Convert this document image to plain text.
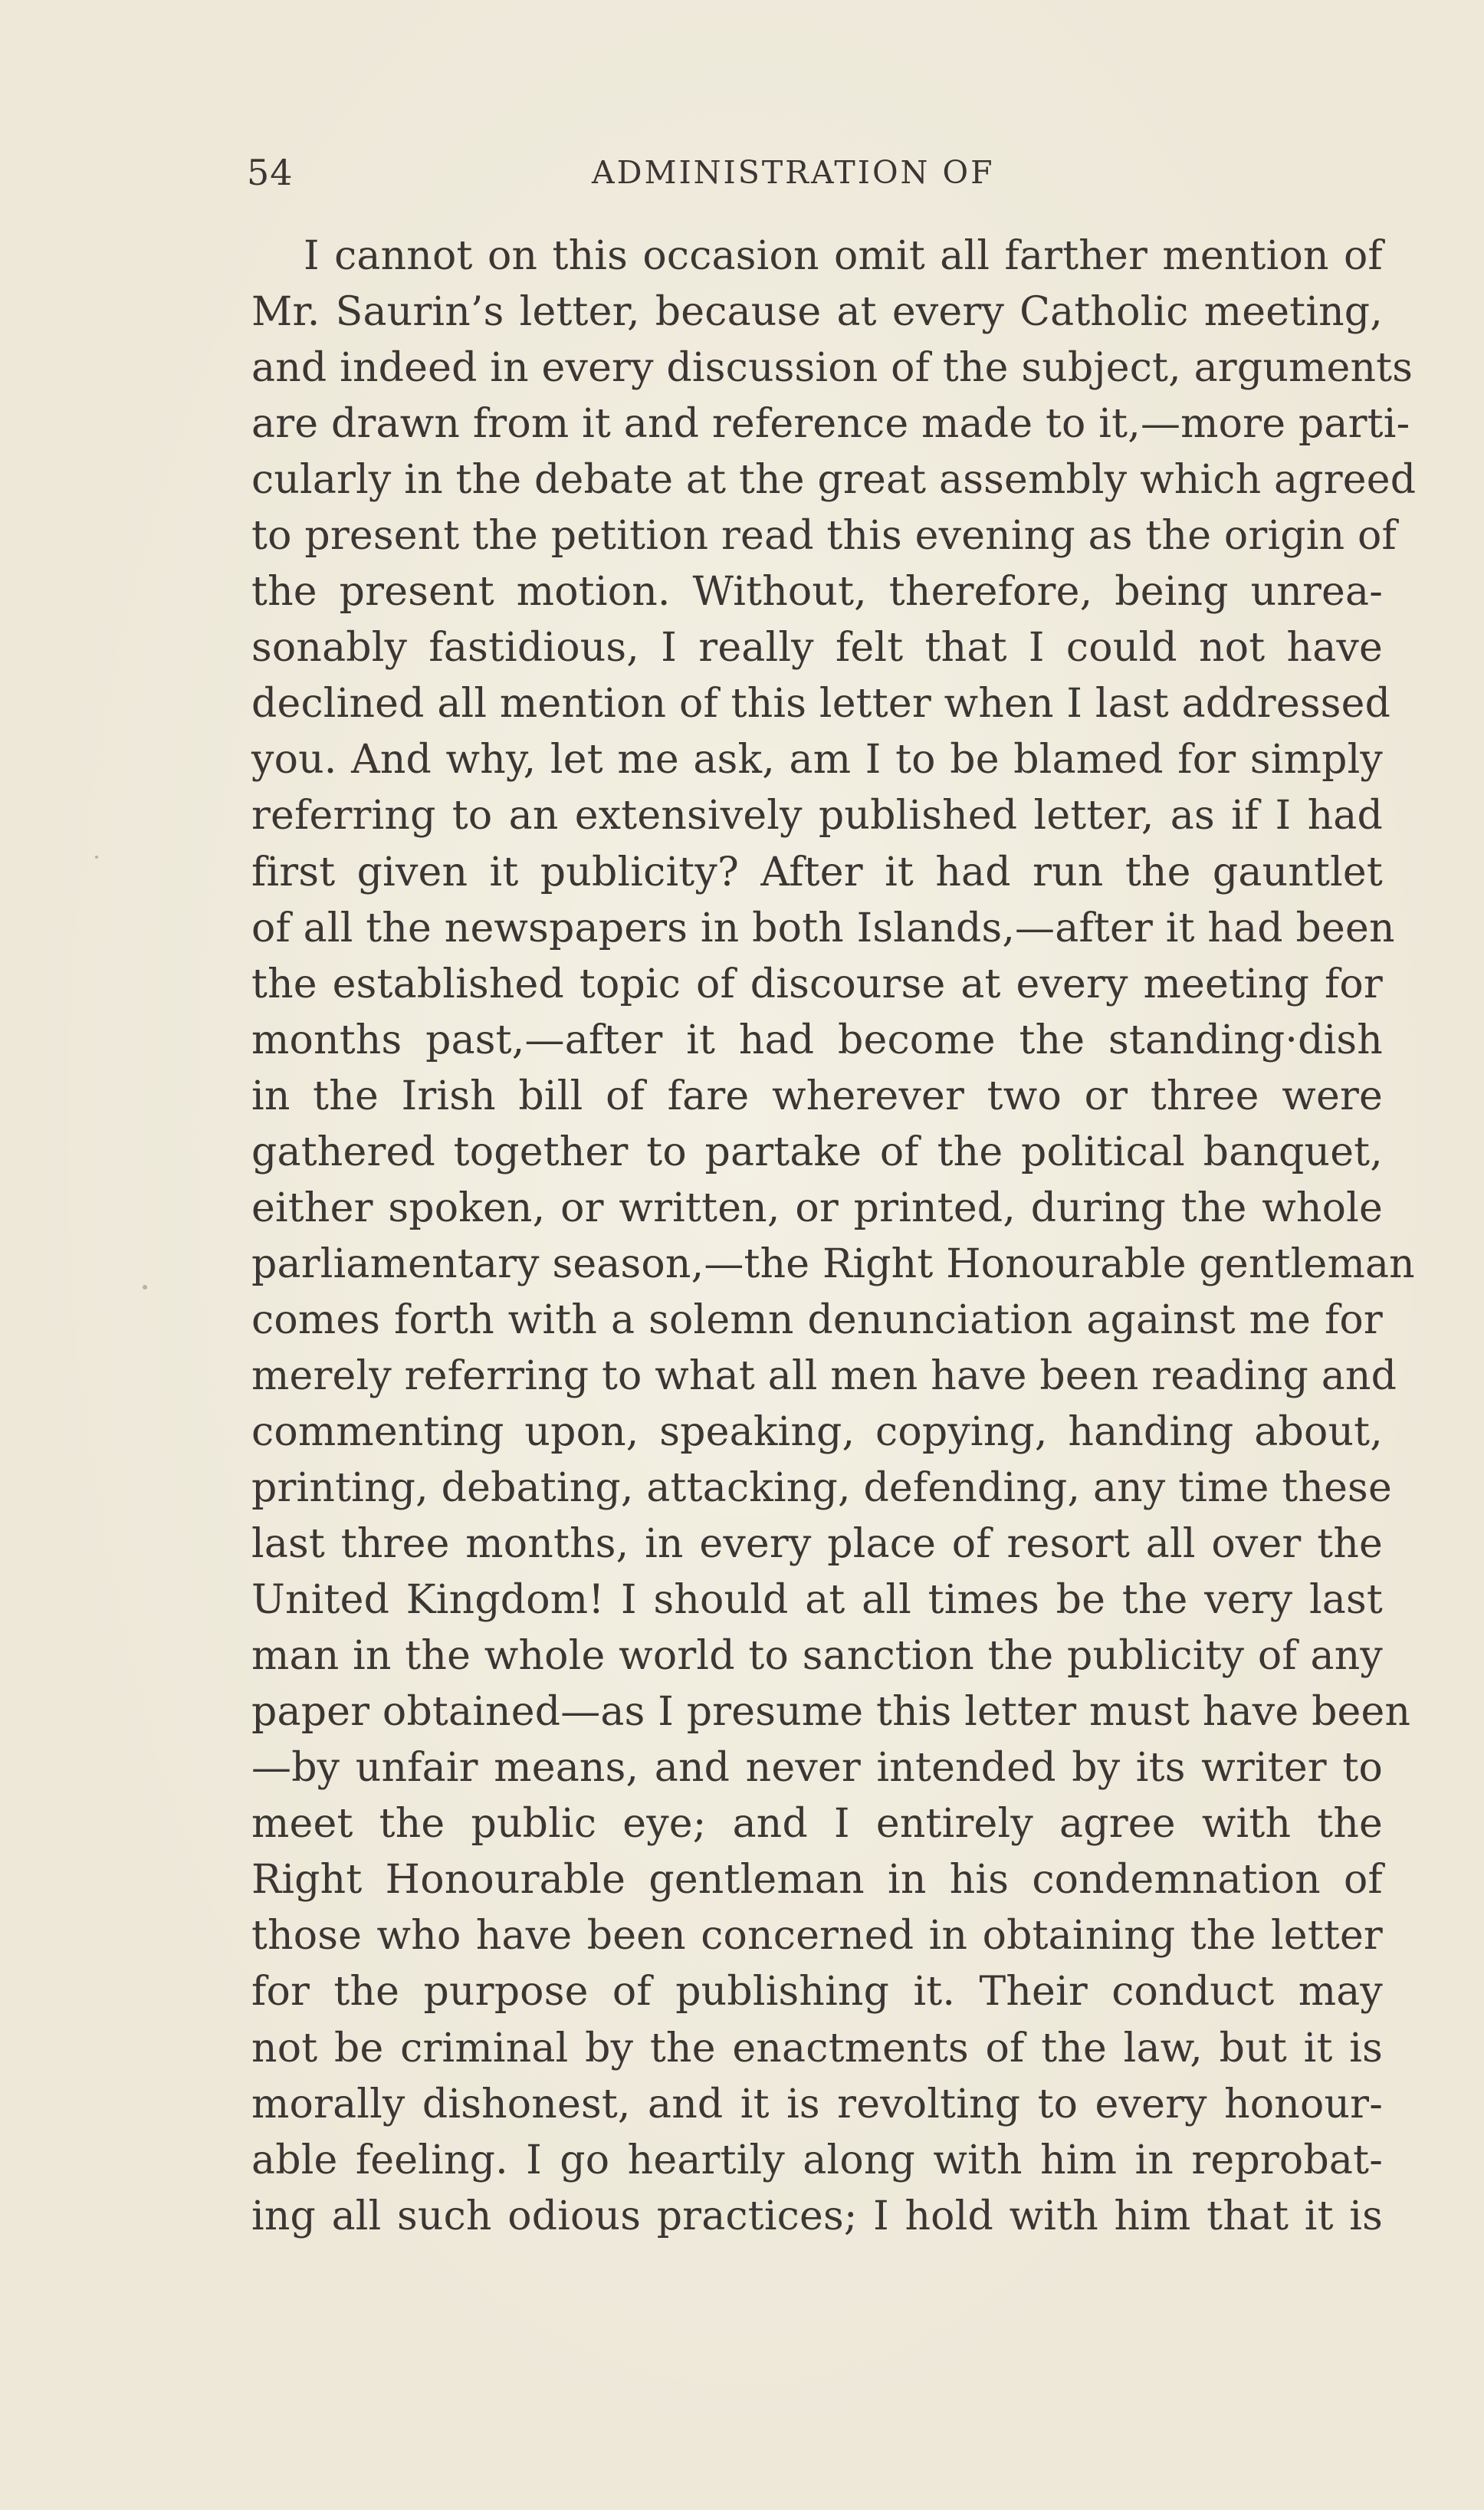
54	ADMINISTRATION OF
I cannot on this occasion omit all farther mention of
Mr. Saurin’s letter, because at every Catholic meeting,
and indeed in every discussion of the subject, arguments
are drawn from it and reference made to it,—more parti-
cularly in the debate at the great assembly which agreed
to present the petition read this evening as the origin of
the present motion. Without, therefore, being unrea-
sonably fastidious, I really felt that I could not have
declined all mention of this letter when I last addressed
you. And why, let me ask, am I to be blamed for simply
referring to an extensively published letter, as if I had
first given it publicity? After it had run the gauntlet
of all the newspapers in both Islands,—after it had been
the established topic of discourse at every meeting for
months past,—after it had become the standing·dish
in the Irish bill of fare wherever two or three were
gathered together to partake of the political banquet,
either spoken, or written, or printed, during the whole
parliamentary season,—the Right Honourable gentleman
comes forth with a solemn denunciation against me for
merely referring to what all men have been reading and
commenting upon, speaking, copying, handing about,
printing, debating, attacking, defending, any time these
last three months, in every place of resort all over the
United Kingdom! I should at all times be the very last
man in the whole world to sanction the publicity of any
paper obtained—as I presume this letter must have been
—by unfair means, and never intended by its writer to
meet the public eye; and I entirely agree with the
Right Honourable gentleman in his condemnation of
those who have been concerned in obtaining the letter
for the purpose of publishing it. Their conduct may
not be criminal by the enactments of the law, but it is
morally dishonest, and it is revolting to every honour-
able feeling. I go heartily along with him in reprobat-
ing all such odious practices; I hold with him that it is
